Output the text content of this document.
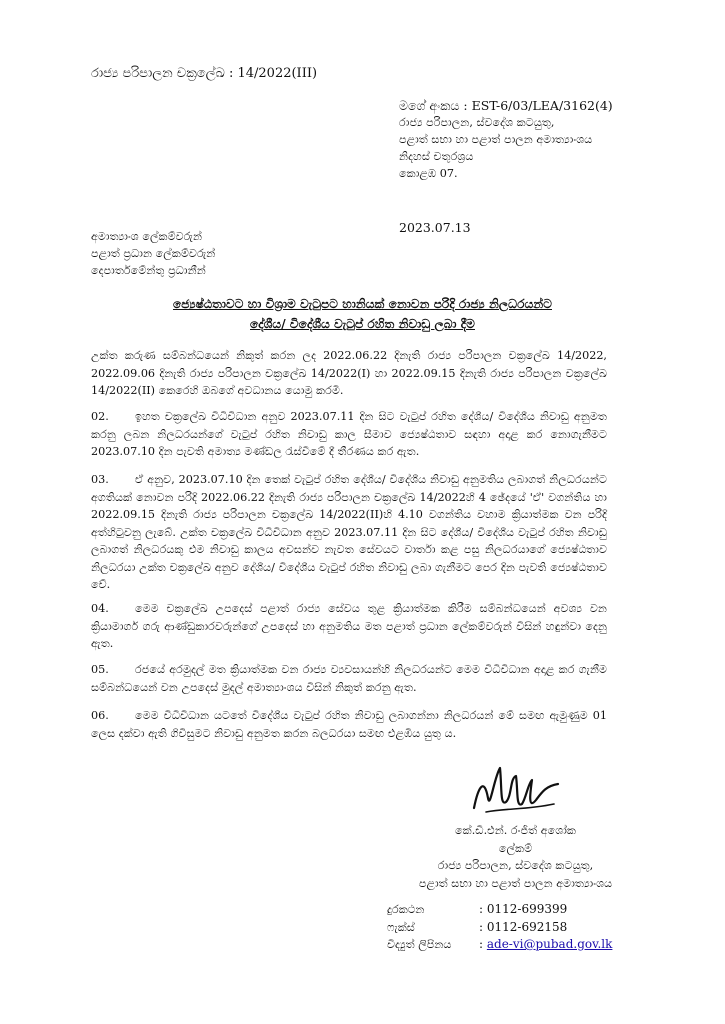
රාජ්‍ය පරිපාලන චක්‍රලේඛ : 14/2022(III)
මගේ අංකය : EST-6/03/LEA/3162(4)
රාජ්‍ය පරිපාලන, ස්වදේශ කටයුතු,
පළාත් සභා හා පළාත් පාලන අමාත්‍යාංශය
නිදහස් චතුරශ්‍රය
කොළඹ 07.
2023.07.13
අමාත්‍යාංශ ලේකම්වරුන්
පළාත් ප්‍රධාන ලේකම්වරුන්
දෙපාර්තමේන්තු ප්‍රධානීන්
ජ්‍යෙෂ්ඨතාවට හා විශ්‍රාම වැටුපට හානියක් නොවන පරිදි රාජ්‍ය නිලධරයන්ට
දේශීය/ විදේශීය වැටුප් රහිත නිවාඩු ලබා දීම
උක්ත කරුණ සම්බන්ධයෙන් නිකුත් කරන ලද 2022.06.22 දිනැති රාජ්‍ය පරිපාලන චක්‍රලේඛ 14/2022, 2022.09.06 දිනැති රාජ්‍ය පරිපාලන චක්‍රලේඛ 14/2022(I) හා 2022.09.15 දිනැති රාජ්‍ය පරිපාලන චක්‍රලේඛ 14/2022(II) කෙරෙහි ඔබගේ අවධානය යොමු කරමි.
02. ඉහත චක්‍රලේඛ විධිවිධාන අනුව 2023.07.11 දින සිට වැටුප් රහිත දේශීය/ විදේශීය නිවාඩු අනුමත කරනු ලබන නිලධරයන්ගේ වැටුප් රහිත නිවාඩු කාල සීමාව ජ්‍යෙෂ්ඨතාව සඳහා අදාළ කර නොගැනීමට 2023.07.10 දින පැවති අමාත්‍ය මණ්ඩල රැස්වීමේ දී තීරණය කර ඇත.
03. ඒ අනුව, 2023.07.10 දින තෙක් වැටුප් රහිත දේශීය/ විදේශීය නිවාඩු අනුමතිය ලබාගත් නිලධරයන්ට අගතියක් නොවන පරිදි 2022.06.22 දිනැති රාජ්‍ය පරිපාලන චක්‍රලේඛ 14/2022හි 4 ඡේදයේ 'ඒ' වගන්තිය හා 2022.09.15 දිනැති රාජ්‍ය පරිපාලන චක්‍රලේඛ 14/2022(II)හි 4.10 වගන්තිය වහාම ක්‍රියාත්මක වන පරිදි අත්හිටුවනු ලැබේ. උක්ත චක්‍රලේඛ විධිවිධාන අනුව 2023.07.11 දින සිට දේශීය/ විදේශීය වැටුප් රහිත නිවාඩු ලබාගත් නිලධරයකු එම නිවාඩු කාලය අවසන්ව නැවත සේවයට වාර්තා කළ පසු නිලධරයාගේ ජ්‍යෙෂ්ඨතාව නිලධරයා උක්ත චක්‍රලේඛ අනුව දේශීය/ විදේශීය වැටුප් රහිත නිවාඩු ලබා ගැනීමට පෙර දින පැවති ජ්‍යෙෂ්ඨතාව වේ.
04. මෙම චක්‍රලේඛ උපදෙස් පළාත් රාජ්‍ය සේවය තුළ ක්‍රියාත්මක කිරීම සම්බන්ධයෙන් අවශ්‍ය වන ක්‍රියාමාර්ග ගරු ආණ්ඩුකාරවරුන්ගේ උපදෙස් හා අනුමතිය මත පළාත් ප්‍රධාන ලේකම්වරුන් විසින් හඳුන්වා දෙනු ඇත.
05. රජයේ අරමුදල් මත ක්‍රියාත්මක වන රාජ්‍ය ව්‍යවසායන්හි නිලධරයන්ට මෙම විධිවිධාන අදාළ කර ගැනීම සම්බන්ධයෙන් වන උපදෙස් මුදල් අමාත්‍යාංශය විසින් නිකුත් කරනු ඇත.
06. මෙම විධිවිධාන යටතේ විදේශීය වැටුප් රහිත නිවාඩු ලබාගන්නා නිලධරයන් මේ සමඟ ඇමුණුම 01 ලෙස දක්වා ඇති ගිවිසුමට නිවාඩු අනුමත කරන බලධරයා සමඟ එළඹීය යුතු ය.
කේ.ඩී.එන්. රංජිත් අශෝක
ලේකම්
රාජ්‍ය පරිපාලන, ස්වදේශ කටයුතු,
පළාත් සභා හා පළාත් පාලන අමාත්‍යාංශය
දුරකථන	: 0112-699399
ෆැක්ස්	: 0112-692158
විද්‍යුත් ලිපිනය : ade-vi@pubad.gov.lk
